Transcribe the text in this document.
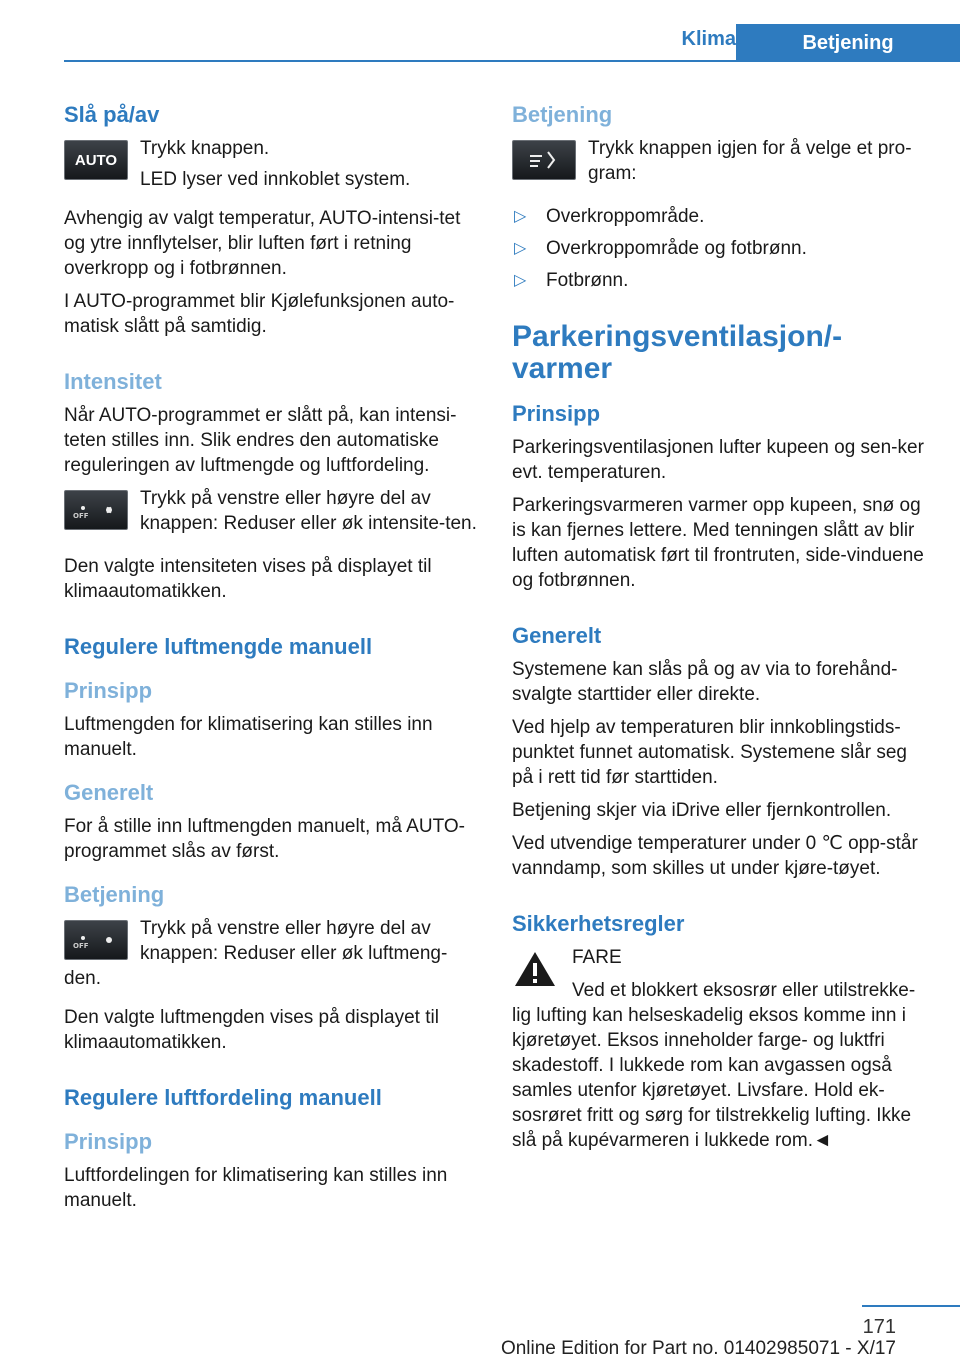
Klima	Betjening
Slå på/av
AUTO

Trykk knappen.

LED lyser ved innkoblet system.

Avhengig av valgt temperatur, AUTO-intensi-tet og ytre innflytelser, blir luften ført i retning overkropp og i fotbrønnen.

I AUTO-programmet blir Kjølefunksjonen auto-matisk slått på samtidig.

Intensitet

Når AUTO-programmet er slått på, kan intensi-teten stilles inn. Slik endres den automatiske reguleringen av luftmengde og luftfordeling.

OFF

Trykk på venstre eller høyre del av knappen: Reduser eller øk intensite-ten.

Den valgte intensiteten vises på displayet til klimaautomatikken.

Regulere luftmengde manuell
Prinsipp

Luftmengden for klimatisering kan stilles inn manuelt.

Generelt

For å stille inn luftmengden manuelt, må AUTO-programmet slås av først.

Betjening
OFF

Trykk på venstre eller høyre del av knappen: Reduser eller øk luftmeng-den.

Den valgte luftmengden vises på displayet til klimaautomatikken.

Regulere luftfordeling manuell
Prinsipp

Luftfordelingen for klimatisering kan stilles inn manuelt.

Betjening

Trykk knappen igjen for å velge et pro-gram:

▷ Overkroppområde.
▷ Overkroppområde og fotbrønn.
▷ Fotbrønn.
Parkeringsventilasjon/-varmer
Prinsipp

Parkeringsventilasjonen lufter kupeen og sen-ker evt. temperaturen.

Parkeringsvarmeren varmer opp kupeen, snø og is kan fjernes lettere. Med tenningen slått av blir luften automatisk ført til frontruten, side-vinduene og fotbrønnen.

Generelt

Systemene kan slås på og av via to forehånd-svalgte starttider eller direkte.

Ved hjelp av temperaturen blir innkoblingstids-punktet funnet automatisk. Systemene slår seg på i rett tid før starttiden.

Betjening skjer via iDrive eller fjernkontrollen.

Ved utvendige temperaturer under 0 ℃ opp-står vanndamp, som skilles ut under kjøre-tøyet.

Sikkerhetsregler

FARE

Ved et blokkert eksosrør eller utilstrekke-lig lufting kan helseskadelig eksos komme inn i kjøretøyet. Eksos inneholder farge- og luktfri skadestoff. I lukkede rom kan avgassen også samles utenfor kjøretøyet. Livsfare. Hold ek-sosrøret fritt og sørg for tilstrekkelig lufting. Ikke slå på kupévarmeren i lukkede rom.◄

171
Online Edition for Part no. 01402985071 - X/17
